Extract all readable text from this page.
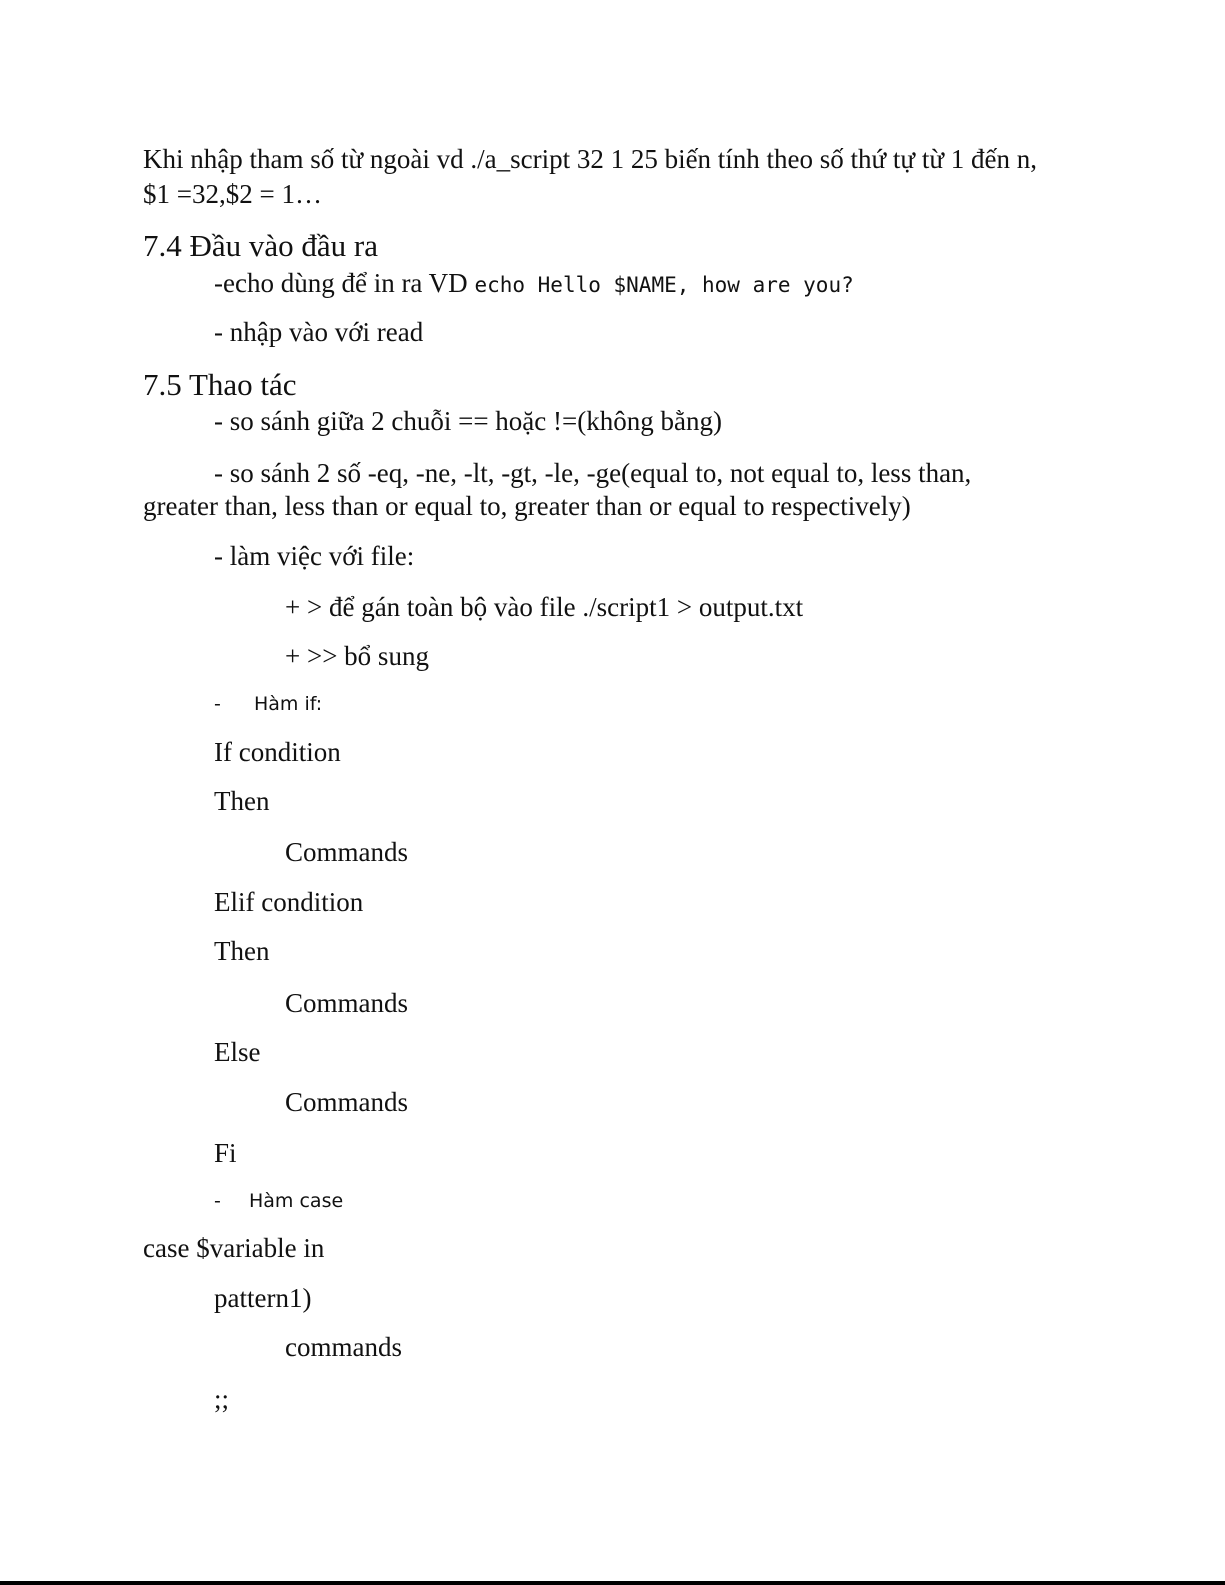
Khi nhập tham số từ ngoài vd ./a_script 32 1 25 biến tính theo số thứ tự từ 1 đến n,
$1 =32,$2 = 1…
7.4 Đầu vào đầu ra
-echo dùng để in ra VD echo Hello $NAME, how are you?
- nhập vào với read
7.5 Thao tác
- so sánh giữa 2 chuỗi == hoặc !=(không bằng)
- so sánh 2 số -eq, -ne, -lt, -gt, -le, -ge(equal to, not equal to, less than,
greater than, less than or equal to, greater than or equal to respectively)
- làm việc với file:
+ > để gán toàn bộ vào file ./script1 > output.txt
+ >> bổ sung
- Hàm if:
If condition
Then
Commands
Elif condition
Then
Commands
Else
Commands
Fi
- Hàm case
case $variable in
pattern1)
commands
;;
